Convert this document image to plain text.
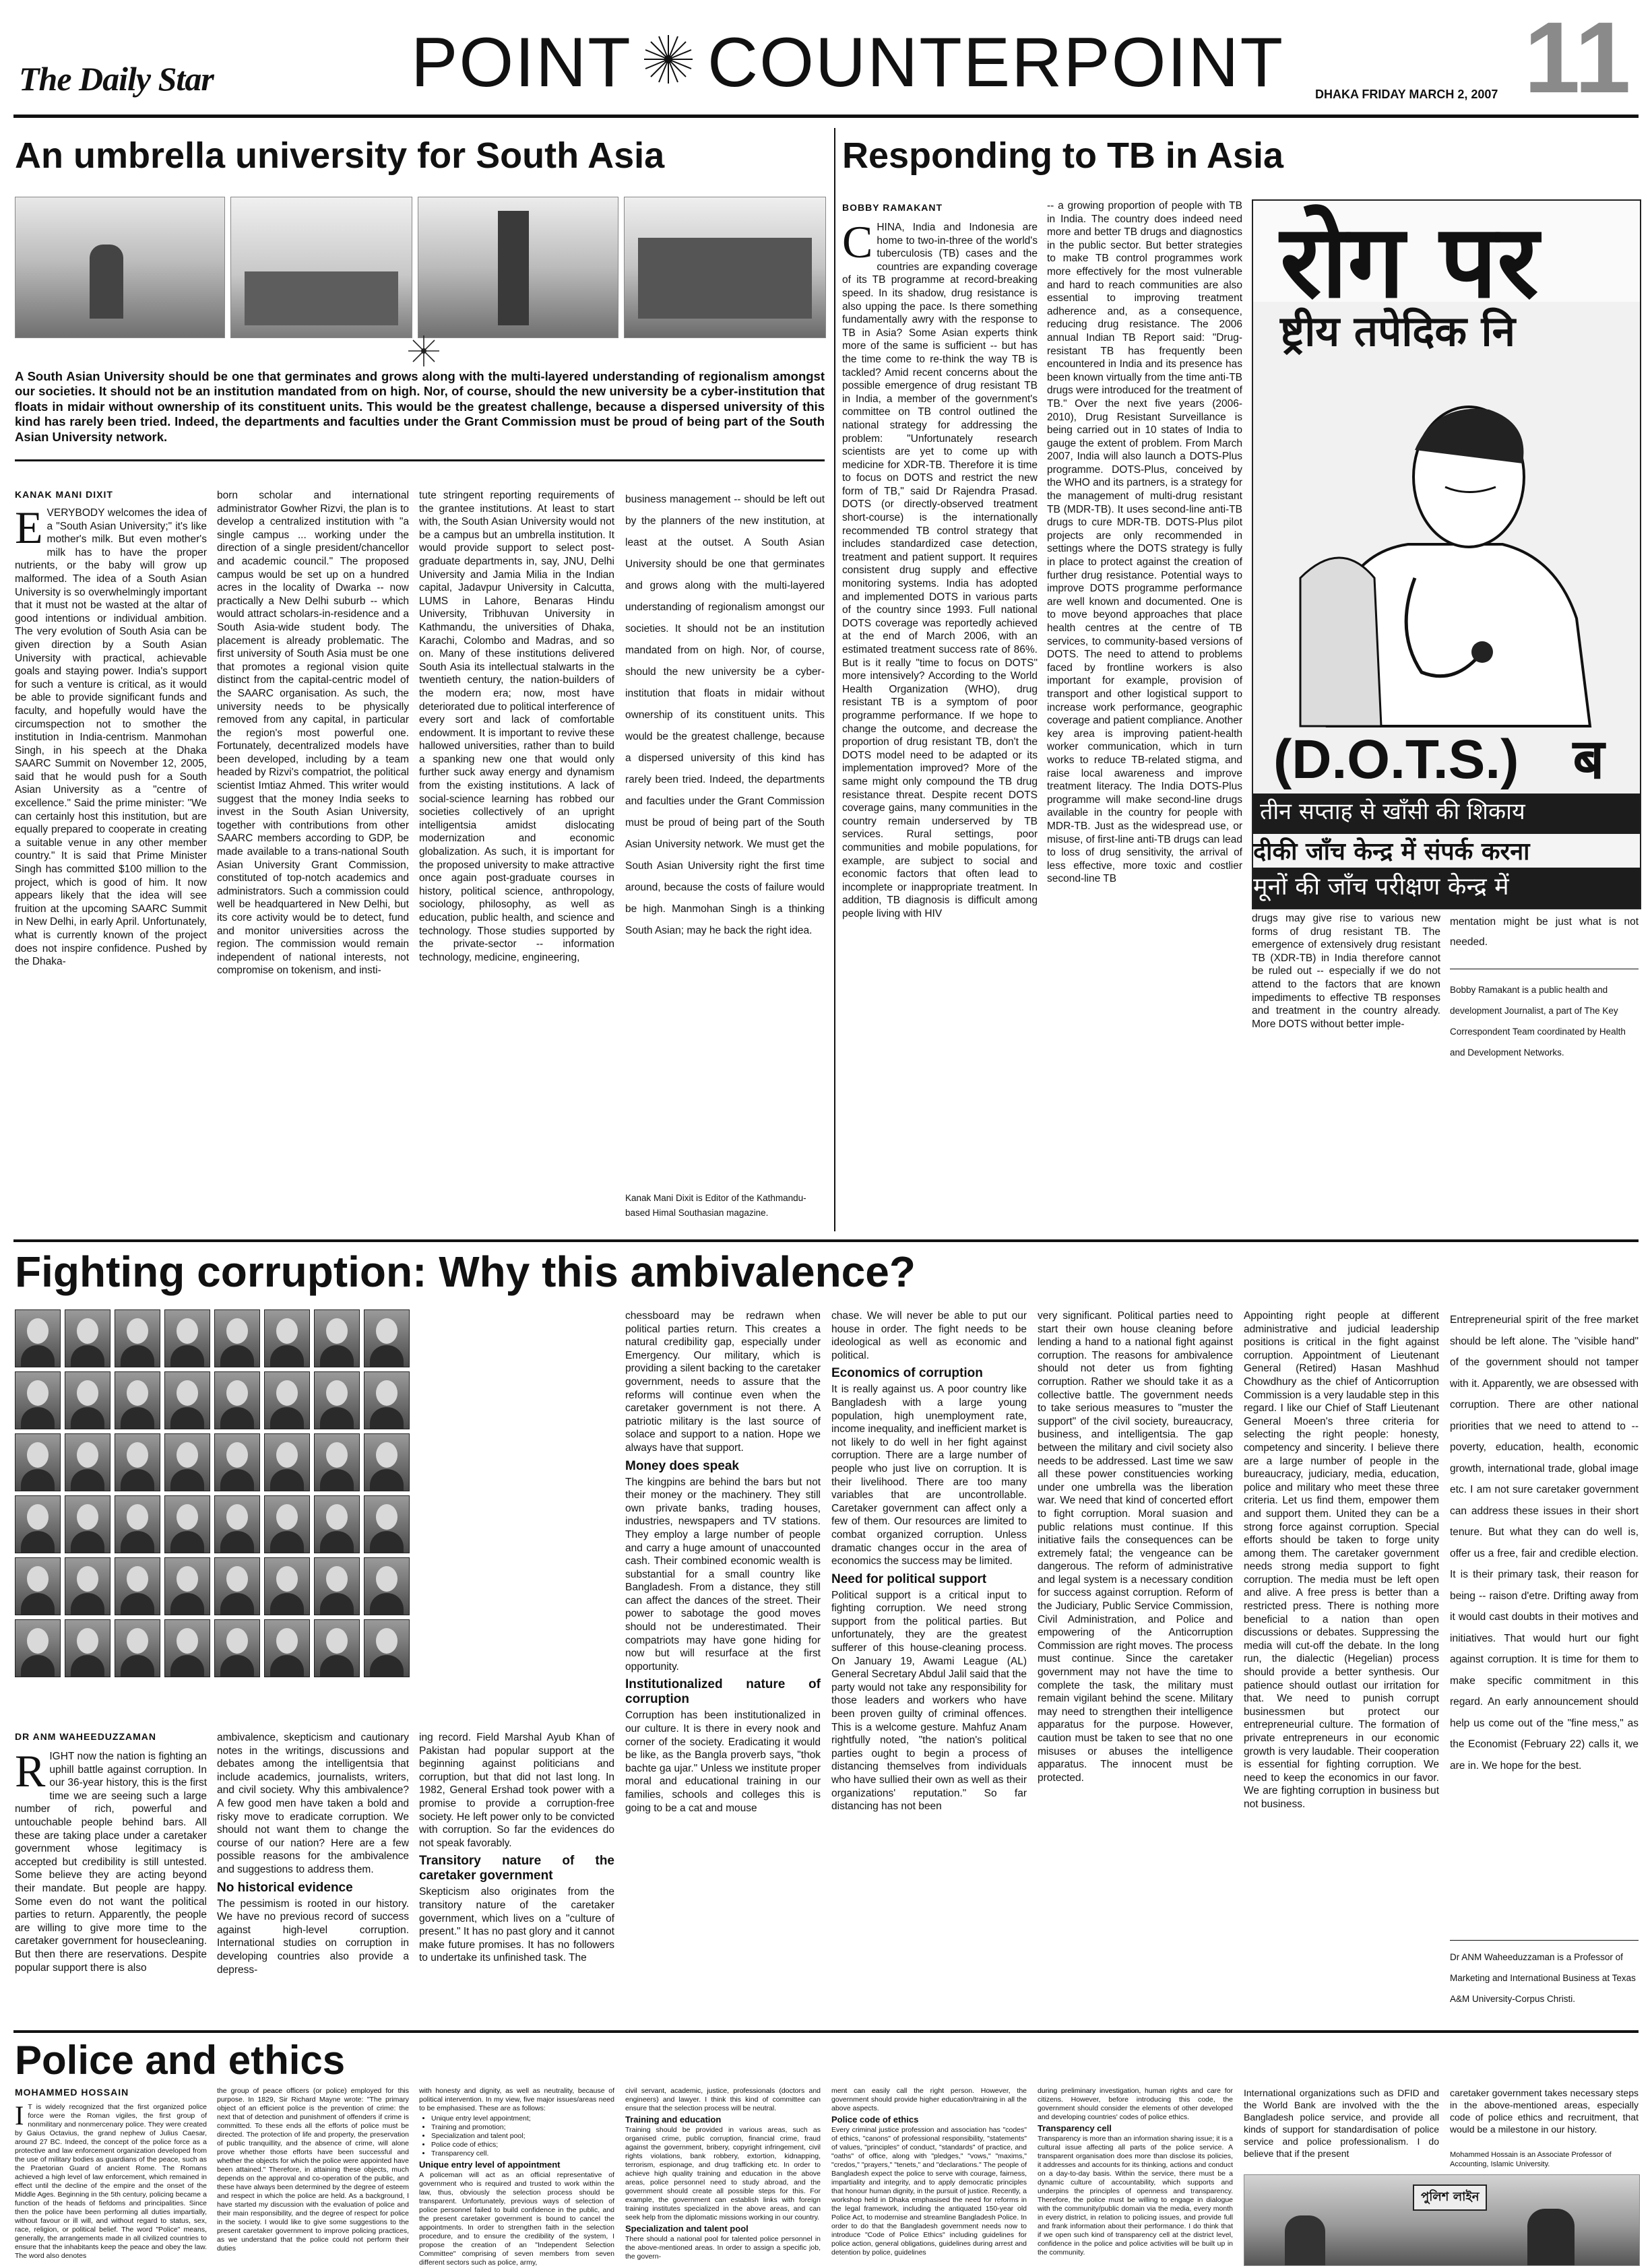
The Daily Star	POINT COUNTERPOINT	DHAKA FRIDAY MARCH 2, 2007 11
An umbrella university for South Asia
A South Asian University should be one that germinates and grows along with the multi-layered understanding of regionalism amongst our societies. It should not be an institution mandated from on high. Nor, of course, should the new university be a cyber-institution that floats in midair without ownership of its constituent units. This would be the greatest challenge, because a dispersed university of this kind has rarely been tried. Indeed, the departments and faculties under the Grant Commission must be proud of being part of the South Asian University network.
KANAK MANI DIXIT
EVERYBODY welcomes the idea of a "South Asian University;" it's like mother's milk. But even mother's milk has to have the proper nutrients, or the baby will grow up malformed. The idea of a South Asian University is so overwhelmingly important that it must not be wasted at the altar of good intentions or individual ambition. The very evolution of South Asia can be given direction by a South Asian University with practical, achievable goals and staying power. India's support for such a venture is critical, as it would be able to provide significant funds and faculty, and hopefully would have the circumspection not to smother the institution in India-centrism. Manmohan Singh, in his speech at the Dhaka SAARC Summit on November 12, 2005, said that he would push for a South Asian University as a "centre of excellence." Said the prime minister: "We can certainly host this institution, but are equally prepared to cooperate in creating a suitable venue in any other member country." It is said that Prime Minister Singh has committed $100 million to the project, which is good of him. It now appears likely that the idea will see fruition at the upcoming SAARC Summit in New Delhi, in early April. Unfortunately, what is currently known of the project does not inspire confidence. Pushed by the Dhaka-
born scholar and international administrator Gowher Rizvi, the plan is to develop a centralized institution with "a single campus ... working under the direction of a single president/chancellor and academic council." The proposed campus would be set up on a hundred acres in the locality of Dwarka -- now practically a New Delhi suburb -- which would attract scholars-in-residence and a South Asia-wide student body. The placement is already problematic. The first university of South Asia must be one that promotes a regional vision quite distinct from the capital-centric model of the SAARC organisation. As such, the university needs to be physically removed from any capital, in particular the region's most powerful one. Fortunately, decentralized models have been developed, including by a team headed by Rizvi's compatriot, the political scientist Imtiaz Ahmed. This writer would suggest that the money India seeks to invest in the South Asian University, together with contributions from other SAARC members according to GDP, be made available to a trans-national South Asian University Grant Commission, constituted of top-notch academics and administrators. Such a commission could well be headquartered in New Delhi, but its core activity would be to detect, fund and monitor universities across the region. The commission would remain independent of national interests, not compromise on tokenism, and insti-
tute stringent reporting requirements of the grantee institutions. At least to start with, the South Asian University would not be a campus but an umbrella institution. It would provide support to select post-graduate departments in, say, JNU, Delhi University and Jamia Milia in the Indian capital, Jadavpur University in Calcutta, LUMS in Lahore, Benaras Hindu University, Tribhuvan University in Kathmandu, the universities of Dhaka, Karachi, Colombo and Madras, and so on. Many of these institutions delivered South Asia its intellectual stalwarts in the twentieth century, the nation-builders of the modern era; now, most have deteriorated due to political interference of every sort and lack of comfortable endowment. It is important to revive these hallowed universities, rather than to build a spanking new one that would only further suck away energy and dynamism from the existing institutions. A lack of social-science learning has robbed our societies collectively of an upright intelligentsia amidst dislocating modernization and economic globalization. As such, it is important for the proposed university to make attractive once again post-graduate courses in history, political science, anthropology, sociology, philosophy, as well as education, public health, and science and technology. Those studies supported by the private-sector -- information technology, medicine, engineering,
business management -- should be left out by the planners of the new institution, at least at the outset. A South Asian University should be one that germinates and grows along with the multi-layered understanding of regionalism amongst our societies. It should not be an institution mandated from on high. Nor, of course, should the new university be a cyber-institution that floats in midair without ownership of its constituent units. This would be the greatest challenge, because a dispersed university of this kind has rarely been tried. Indeed, the departments and faculties under the Grant Commission must be proud of being part of the South Asian University network. We must get the South Asian University right the first time around, because the costs of failure would be high. Manmohan Singh is a thinking South Asian; may he back the right idea.
Kanak Mani Dixit is Editor of the Kathmandu-based Himal Southasian magazine.
Responding to TB in Asia
BOBBY RAMAKANT
CHINA, India and Indonesia are home to two-in-three of the world's tuberculosis (TB) cases and the countries are expanding coverage of its TB programme at record-breaking speed. In its shadow, drug resistance is also upping the pace. Is there something fundamentally awry with the response to TB in Asia? Some Asian experts think more of the same is sufficient -- but has the time come to re-think the way TB is tackled? Amid recent concerns about the possible emergence of drug resistant TB in India, a member of the government's committee on TB control outlined the national strategy for addressing the problem: "Unfortunately research scientists are yet to come up with medicine for XDR-TB. Therefore it is time to focus on DOTS and restrict the new form of TB," said Dr Rajendra Prasad. DOTS (or directly-observed treatment short-course) is the internationally recommended TB control strategy that includes standardized case detection, treatment and patient support. It requires consistent drug supply and effective monitoring systems. India has adopted and implemented DOTS in various parts of the country since 1993. Full national DOTS coverage was reportedly achieved at the end of March 2006, with an estimated treatment success rate of 86%. But is it really "time to focus on DOTS" more intensively? According to the World Health Organization (WHO), drug resistant TB is a symptom of poor programme performance. If we hope to change the outcome, and decrease the proportion of drug resistant TB, don't the DOTS model need to be adapted or its implementation improved? More of the same might only compound the TB drug resistance threat. Despite recent DOTS coverage gains, many communities in the country remain underserved by TB services. Rural settings, poor communities and mobile populations, for example, are subject to social and economic factors that often lead to incomplete or inappropriate treatment. In addition, TB diagnosis is difficult among people living with HIV
-- a growing proportion of people with TB in India. The country does indeed need more and better TB drugs and diagnostics in the public sector. But better strategies to make TB control programmes work more effectively for the most vulnerable and hard to reach communities are also essential to improving treatment adherence and, as a consequence, reducing drug resistance. The 2006 annual Indian TB Report said: "Drug-resistant TB has frequently been encountered in India and its presence has been known virtually from the time anti-TB drugs were introduced for the treatment of TB." Over the next five years (2006-2010), Drug Resistant Surveillance is being carried out in 10 states of India to gauge the extent of problem. From March 2007, India will also launch a DOTS-Plus programme. DOTS-Plus, conceived by the WHO and its partners, is a strategy for the management of multi-drug resistant TB (MDR-TB). It uses second-line anti-TB drugs to cure MDR-TB. DOTS-Plus pilot projects are only recommended in settings where the DOTS strategy is fully in place to protect against the creation of further drug resistance. Potential ways to improve DOTS programme performance are well known and documented. One is to move beyond approaches that place health centres at the centre of TB services, to community-based versions of DOTS. The need to attend to problems faced by frontline workers is also important for example, provision of transport and other logistical support to increase work performance, geographic coverage and patient compliance. Another key area is improving patient-health worker communication, which in turn works to reduce TB-related stigma, and raise local awareness and improve treatment literacy. The India DOTS-Plus programme will make second-line drugs available in the country for people with MDR-TB. Just as the widespread use, or misuse, of first-line anti-TB drugs can lead to loss of drug sensitivity, the arrival of less effective, more toxic and costlier second-line TB
रोग पर
ष्ट्रीय तपेदिक नि
(D.O.T.S.) ब
तीन सप्ताह से खाँसी की शिकाय
दीकी जाँच केन्द्र में संपर्क करना
मूनों की जाँच परीक्षण केन्द्र में
drugs may give rise to various new forms of drug resistant TB. The emergence of extensively drug resistant TB (XDR-TB) in India therefore cannot be ruled out -- especially if we do not attend to the factors that are known impediments to effective TB responses and treatment in the country already. More DOTS without better imple-
mentation might be just what is not needed.
Bobby Ramakant is a public health and development Journalist, a part of The Key Correspondent Team coordinated by Health and Development Networks.
Fighting corruption: Why this ambivalence?
DR ANM WAHEEDUZZAMAN
RIGHT now the nation is fighting an uphill battle against corruption. In our 36-year history, this is the first time we are seeing such a large number of rich, powerful and untouchable people behind bars. All these are taking place under a caretaker government whose legitimacy is accepted but credibility is still untested. Some believe they are acting beyond their mandate. But people are happy. Some even do not want the political parties to return. Apparently, the people are willing to give more time to the caretaker government for housecleaning. But then there are reservations. Despite popular support there is also
ambivalence, skepticism and cautionary notes in the writings, discussions and debates among the intelligentsia that include academics, journalists, writers, and civil society. Why this ambivalence? A few good men have taken a bold and risky move to eradicate corruption. We should not want them to change the course of our nation? Here are a few possible reasons for the ambivalence and suggestions to address them.
No historical evidence
The pessimism is rooted in our history. We have no previous record of success against high-level corruption. International studies on corruption in developing countries also provide a depress-
ing record. Field Marshal Ayub Khan of Pakistan had popular support at the beginning against politicians and corruption, but that did not last long. In 1982, General Ershad took power with a promise to provide a corruption-free society. He left power only to be convicted with corruption. So far the evidences do not speak favorably.
Transitory nature of the caretaker government
Skepticism also originates from the transitory nature of the caretaker government, which lives on a "culture of present." It has no past glory and it cannot make future promises. It has no followers to undertake its unfinished task. The
chessboard may be redrawn when political parties return. This creates a natural credibility gap, especially under Emergency. Our military, which is providing a silent backing to the caretaker government, needs to assure that the reforms will continue even when the caretaker government is not there. A patriotic military is the last source of solace and support to a nation. Hope we always have that support.
Money does speak
The kingpins are behind the bars but not their money or the machinery. They still own private banks, trading houses, industries, newspapers and TV stations. They employ a large number of people and carry a huge amount of unaccounted cash. Their combined economic wealth is substantial for a small country like Bangladesh. From a distance, they still can affect the dances of the street. Their power to sabotage the good moves should not be underestimated. Their compatriots may have gone hiding for now but will resurface at the first opportunity.
Institutionalized nature of corruption
Corruption has been institutionalized in our culture. It is there in every nook and corner of the society. Eradicating it would be like, as the Bangla proverb says, "thok bachte ga ujar." Unless we institute proper moral and educational training in our families, schools and colleges this is going to be a cat and mouse
chase. We will never be able to put our house in order. The fight needs to be ideological as well as economic and political.
Economics of corruption
It is really against us. A poor country like Bangladesh with a large young population, high unemployment rate, income inequality, and inefficient market is not likely to do well in her fight against corruption. There are a large number of people who just live on corruption. It is their livelihood. There are too many variables that are uncontrollable. Caretaker government can affect only a few of them. Our resources are limited to combat organized corruption. Unless dramatic changes occur in the area of economics the success may be limited.
Need for political support
Political support is a critical input to fighting corruption. We need strong support from the political parties. But unfortunately, they are the greatest sufferer of this house-cleaning process. On January 19, Awami League (AL) General Secretary Abdul Jalil said that the party would not take any responsibility for those leaders and workers who have been proven guilty of criminal offences. This is a welcome gesture. Mahfuz Anam rightfully noted, "the nation's political parties ought to begin a process of distancing themselves from individuals who have sullied their own as well as their organizations' reputation." So far distancing has not been
very significant. Political parties need to start their own house cleaning before lending a hand to a national fight against corruption. The reasons for ambivalence should not deter us from fighting corruption. Rather we should take it as a collective battle. The government needs to take serious measures to "muster the support" of the civil society, bureaucracy, business, and intelligentsia. The gap between the military and civil society also needs to be addressed. Last time we saw all these power constituencies working under one umbrella was the liberation war. We need that kind of concerted effort to fight corruption. Moral suasion and public relations must continue. If this initiative fails the consequences can be extremely fatal; the vengeance can be dangerous. The reform of administrative and legal system is a necessary condition for success against corruption. Reform of the Judiciary, Public Service Commission, Civil Administration, and Police and empowering of the Anticorruption Commission are right moves. The process must continue. Since the caretaker government may not have the time to complete the task, the military must remain vigilant behind the scene. Military may need to strengthen their intelligence apparatus for the purpose. However, caution must be taken to see that no one misuses or abuses the intelligence apparatus. The innocent must be protected.
Appointing right people at different administrative and judicial leadership positions is critical in the fight against corruption. Appointment of Lieutenant General (Retired) Hasan Mashhud Chowdhury as the chief of Anticorruption Commission is a very laudable step in this regard. I like our Chief of Staff Lieutenant General Moeen's three criteria for selecting the right people: honesty, competency and sincerity. I believe there are a large number of people in the bureaucracy, judiciary, media, education, police and military who meet these three criteria. Let us find them, empower them and support them. United they can be a strong force against corruption. Special efforts should be taken to forge unity among them. The caretaker government needs strong media support to fight corruption. The media must be left open and alive. A free press is better than a restricted press. There is nothing more beneficial to a nation than open discussions or debates. Suppressing the media will cut-off the debate. In the long run, the dialectic (Hegelian) process should provide a better synthesis. Our patience should outlast our irritation for that. We need to punish corrupt businessmen but protect our entrepreneurial culture. The formation of private entrepreneurs in our economic growth is very laudable. Their cooperation is essential for fighting corruption. We need to keep the economics in our favor. We are fighting corruption in business but not business.
Entrepreneurial spirit of the free market should be left alone. The "visible hand" of the government should not tamper with it. Apparently, we are obsessed with corruption. There are other national priorities that we need to attend to -- poverty, education, health, economic growth, international trade, global image etc. I am not sure caretaker government can address these issues in their short tenure. But what they can do well is, offer us a free, fair and credible election. It is their primary task, their reason for being -- raison d'etre. Drifting away from it would cast doubts in their motives and initiatives. That would hurt our fight against corruption. It is time for them to make specific commitment in this regard. An early announcement should help us come out of the "fine mess," as the Economist (February 22) calls it, we are in. We hope for the best.
Dr ANM Waheeduzzaman is a Professor of Marketing and International Business at Texas A&M University-Corpus Christi.
Police and ethics
MOHAMMED HOSSAIN
I T is widely recognized that the first organized police force were the Roman vigiles, the first group of nonmilitary and nonmercenary police. They were created by Gaius Octavius, the grand nephew of Julius Caesar, around 27 BC. Indeed, the concept of the police force as a protective and law enforcement organization developed from the use of military bodies as guardians of the peace, such as the Praetorian Guard of ancient Rome. The Romans achieved a high level of law enforcement, which remained in effect until the decline of the empire and the onset of the Middle Ages. Beginning in the 5th century, policing became a function of the heads of fiefdoms and principalities. Since then the police have been performing all duties impartially, without favour or ill will, and without regard to status, sex, race, religion, or political belief. The word "Police" means, generally, the arrangements made in all civilized countries to ensure that the inhabitants keep the peace and obey the law. The word also denotes
the group of peace officers (or police) employed for this purpose. In 1829, Sir Richard Mayne wrote: "The primary object of an efficient police is the prevention of crime: the next that of detection and punishment of offenders if crime is committed. To these ends all the efforts of police must be directed. The protection of life and property, the preservation of public tranquillity, and the absence of crime, will alone prove whether those efforts have been successful and whether the objects for which the police were appointed have been attained." Therefore, in attaining these objects, much depends on the approval and co-operation of the public, and these have always been determined by the degree of esteem and respect in which the police are held. As a background, I have started my discussion with the evaluation of police and their main responsibility, and the degree of respect for police in the society. I would like to give some suggestions to the present caretaker government to improve policing practices, as we understand that the police could not perform their duties
with honesty and dignity, as well as neutrality, because of political intervention. In my view, five major issues/areas need to be emphasised. These are as follows:
• Unique entry level appointment;
• Training and promotion;
• Specialization and talent pool;
• Police code of ethics;
• Transparency cell.
Unique entry level of appointment
A policeman will act as an official representative of government who is required and trusted to work within the law, thus, obviously the selection process should be transparent. Unfortunately, previous ways of selection of police personnel failed to build confidence in the public, and the present caretaker government is bound to cancel the appointments. In order to strengthen faith in the selection procedure, and to ensure the credibility of the system, I propose the creation of an "Independent Selection Committee" comprising of seven members from seven different sectors such as police, army,
civil servant, academic, justice, professionals (doctors and engineers) and lawyer. I think this kind of committee can ensure that the selection process will be neutral.
Training and education
Training should be provided in various areas, such as organised crime, public corruption, financial crime, fraud against the government, bribery, copyright infringement, civil rights violations, bank robbery, extortion, kidnapping, terrorism, espionage, and drug trafficking etc. In order to achieve high quality training and education in the above areas, police personnel need to study abroad, and the government should create all possible steps for this. For example, the government can establish links with foreign training institutes specialized in the above areas, and can seek help from the diplomatic missions working in our country.
Specialization and talent pool
There should a national pool for talented police personnel in the above-mentioned areas. In order to assign a specific job, the govern-
ment can easily call the right person. However, the government should provide higher education/training in all the above aspects.
Police code of ethics
Every criminal justice profession and association has "codes" of ethics, "canons" of professional responsibility, "statements" of values, "principles" of conduct, "standards" of practice, and "oaths" of office, along with "pledges," "vows," "maxims," "credos," "prayers," "tenets," and "declarations." The people of Bangladesh expect the police to serve with courage, fairness, impartiality and integrity, and to apply democratic principles that honour human dignity, in the pursuit of justice. Recently, a workshop held in Dhaka emphasised the need for reforms in the legal framework, including the antiquated 150-year old Police Act, to modernise and streamline Bangladesh Police. In order to do that the Bangladesh government needs now to introduce "Code of Police Ethics" including guidelines for police action, general obligations, guidelines during arrest and detention by police, guidelines
during preliminary investigation, human rights and care for citizens. However, before introducing this code, the government should consider the elements of other developed and developing countries' codes of police ethics.
Transparency cell
Transparency is more than an information sharing issue; it is a cultural issue affecting all parts of the police service. A transparent organisation does more than disclose its policies, it addresses and accounts for its thinking, actions and conduct on a day-to-day basis. Within the service, there must be a dynamic culture of accountability, which supports and underpins the principles of openness and transparency. Therefore, the police must be willing to engage in dialogue with the community/public domain via the media, every month in every district, in relation to policing issues, and provide full and frank information about their performance. I do think that if we open such kind of transparency cell at the district level, confidence in the police and police activities will be built up in the community.
International organizations such as DFID and the World Bank are involved with the the Bangladesh police service, and provide all kinds of support for standardisation of police service and police professionalism. I do believe that if the present
caretaker government takes necessary steps in the above-mentioned areas, especially code of police ethics and recruitment, that would be a milestone in our history.
Mohammed Hossain is an Associate Professor of Accounting, Islamic University.
পুলিশ লাইন
